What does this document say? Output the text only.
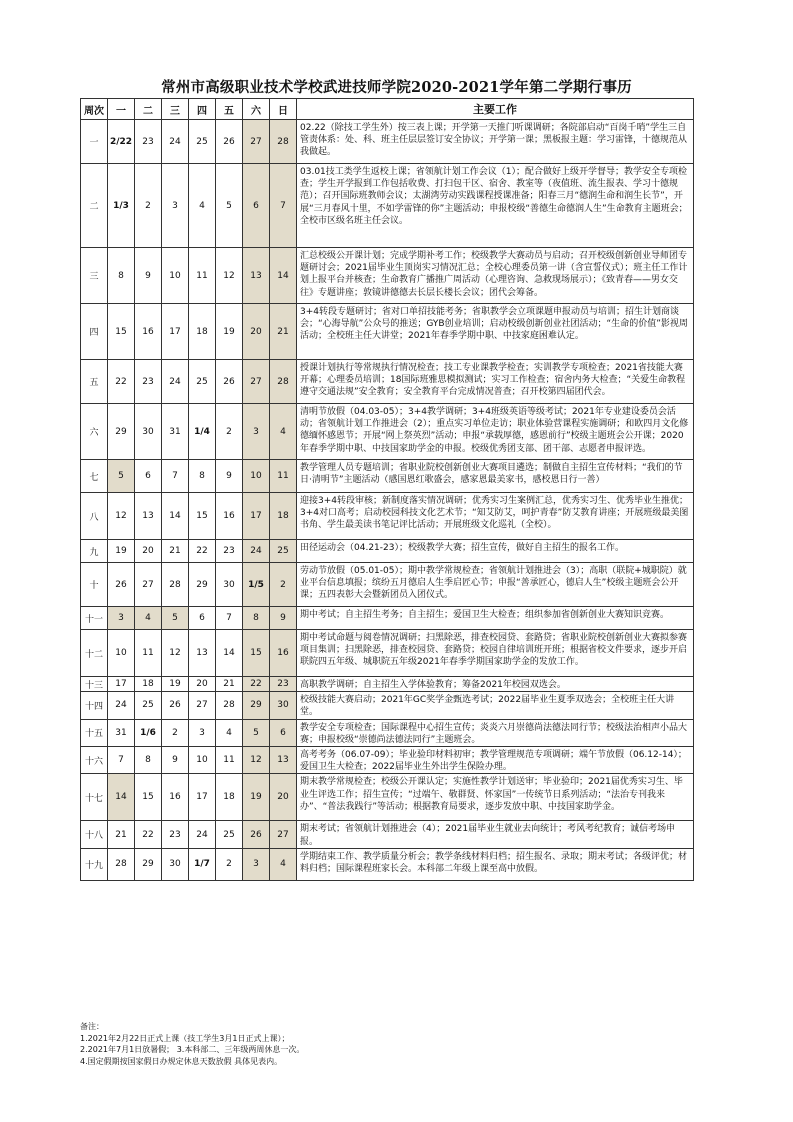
常州市高级职业技术学校武进技师学院2020-2021学年第二学期行事历
周次	一	二	三	四	五	六	日	主要工作
一	2/22	23	24	25	26	27	28	02.22（除技工学生外）按三表上课；开学第一天推门听课调研；各院部启动“百岗千哨”学生三自管责体系：处、科、班主任层层签订安全协议；开学第一课；黑板报主题：学习雷锋，十德规范从我做起。
二	1/3	2	3	4	5	6	7	03.01技工类学生返校上课；省领航计划工作会议（1）；配合做好上级开学督导；教学安全专项检查；学生开学报到工作包括收费、打扫包干区、宿舍、教室等（夜值班、流生报表、学习十德规范）；召开国际班教师会议；太湖湾劳动实践课程授课准备；阳春三月“德润生命和润生长节”，开展“三月春风十里，不如学雷锋的你”主题活动；申报校级“善德生命德润人生”生命教育主题班会；全校市区级名班主任会议。
三	8	9	10	11	12	13	14	汇总校级公开课计划；完成学期补考工作；校级教学大赛动员与启动；召开校级创新创业导师团专题研讨会；2021届毕业生顶岗实习情况汇总；全校心理委员第一讲（含宣誓仪式）；班主任工作计划上报平台并核查；生命教育广播推广周活动（心理咨询、急救现场展示）；《致青春——男女交往》专题讲座；敦镜讲德德去长层长楼长会议；团代会筹备。
四	15	16	17	18	19	20	21	3+4转段专题研讨；省对口单招技能考务；省职教学会立项课题申报动员与培训；招生计划商谈会；“心海导航”公众号的推送；GYB创业培训；启动校级创新创业社团活动；“生命的价值”影视周活动；全校班主任大讲堂；2021年春季学期中职、中技家庭困难认定。
五	22	23	24	25	26	27	28	授课计划执行等常规执行情况检查；技工专业课教学检查；实训教学专项检查；2021省技能大赛开幕；心理委员培训；18国际班雅思模拟测试；实习工作检查；宿舍内务大检查；“关爱生命教程 遵守交通法规”安全教育；安全教育平台完成情况普查；召开校第四届团代会。
六	29	30	31	1/4	2	3	4	清明节放假（04.03-05）；3+4教学调研；3+4班级英语等级考试；2021年专业建设委员会活动；省领航计划工作推进会（2）；重点实习单位走访；职业体验营课程实施调研；和欧四月文化修德缅怀感恩节；开展“网上祭英烈”活动；申报“承载厚德，感恩前行”校级主题班会公开课；2020年春季学期中职、中技国家助学金的申报。校级优秀团支部、团干部、志愿者申报评选。
七	5	6	7	8	9	10	11	教学管理人员专题培训；省职业院校创新创业大赛项目遴选；制做自主招生宣传材料；“我们的节日·清明节”主题活动（感国恩红歌盛会，感家恩最美家书，感校恩日行一善）
八	12	13	14	15	16	17	18	迎接3+4转段审核；新制度落实情况调研；优秀实习生案例汇总，优秀实习生、优秀毕业生推优；3+4对口高考；启动校园科技文化艺术节；“知艾防艾，呵护青春”防艾教育讲座；开展班级最美图书角、学生最美读书笔记评比活动；开展班级文化巡礼（全校）。
九	19	20	21	22	23	24	25	田径运动会（04.21-23）；校级教学大赛；招生宣传，做好自主招生的报名工作。
十	26	27	28	29	30	1/5	2	劳动节放假（05.01-05）；期中教学常规检查；省领航计划推进会（3）；高职（联院+城职院）就业平台信息填报；缤纷五月德启人生季启匠心节；申报“善承匠心，德启人生”校级主题班会公开课；五四表彰大会暨新团员入团仪式。
十一	3	4	5	6	7	8	9	期中考试；自主招生考务；自主招生；爱国卫生大检查；组织参加省创新创业大赛知识竞赛。
十二	10	11	12	13	14	15	16	期中考试命题与阅卷情况调研；扫黑除恶，排查校园贷、套路贷；省职业院校创新创业大赛拟参赛项目集训；扫黑除恶，排查校园贷、套路贷；校园自律培训班开班；根据省校文件要求，逐步开启联院四五年级、城职院五年级2021年春季学期国家助学金的发放工作。
十三	17	18	19	20	21	22	23	高职教学调研；自主招生入学体验教育；筹备2021年校园双选会。
十四	24	25	26	27	28	29	30	校级技能大赛启动；2021年GC奖学金甄选考试；2022届毕业生夏季双选会；全校班主任大讲堂。
十五	31	1/6	2	3	4	5	6	教学安全专项检查；国际课程中心招生宣传；炎炎六月崇德尚法德法同行节；校级法治相声小品大赛；申报校级“崇德尚法德法同行”主题班会。
十六	7	8	9	10	11	12	13	高考考务（06.07-09）；毕业验印材料初审；教学管理规范专项调研；端午节放假（06.12-14）；爱国卫生大检查；2022届毕业生外出学生保险办理。
十七	14	15	16	17	18	19	20	期末教学常规检查；校级公开课认定；实施性教学计划送审；毕业验印；2021届优秀实习生、毕业生评选工作；招生宣传；“过端午、敬群贤、怀家国”一传统节日系列活动；“法治专刊我来办”、“普法我践行”等活动；根据教育局要求，逐步发放中职、中技国家助学金。
十八	21	22	23	24	25	26	27	期末考试；省领航计划推进会（4）；2021届毕业生就业去向统计；考风考纪教育；诚信考场申报。
十九	28	29	30	1/7	2	3	4	学期结束工作、教学质量分析会；教学条线材料归档；招生报名、录取；期末考试；各级评优；材料归档；国际课程班家长会。本科部二年级上课至高中放假。
备注：
1.2021年2月22日正式上课（技工学生3月1日正式上课）；
2.2021年7月1日放暑假； 3.本科部二、三年级两周休息一次。
4.国定假期按国家假日办规定休息天数放假 具体见表内。
